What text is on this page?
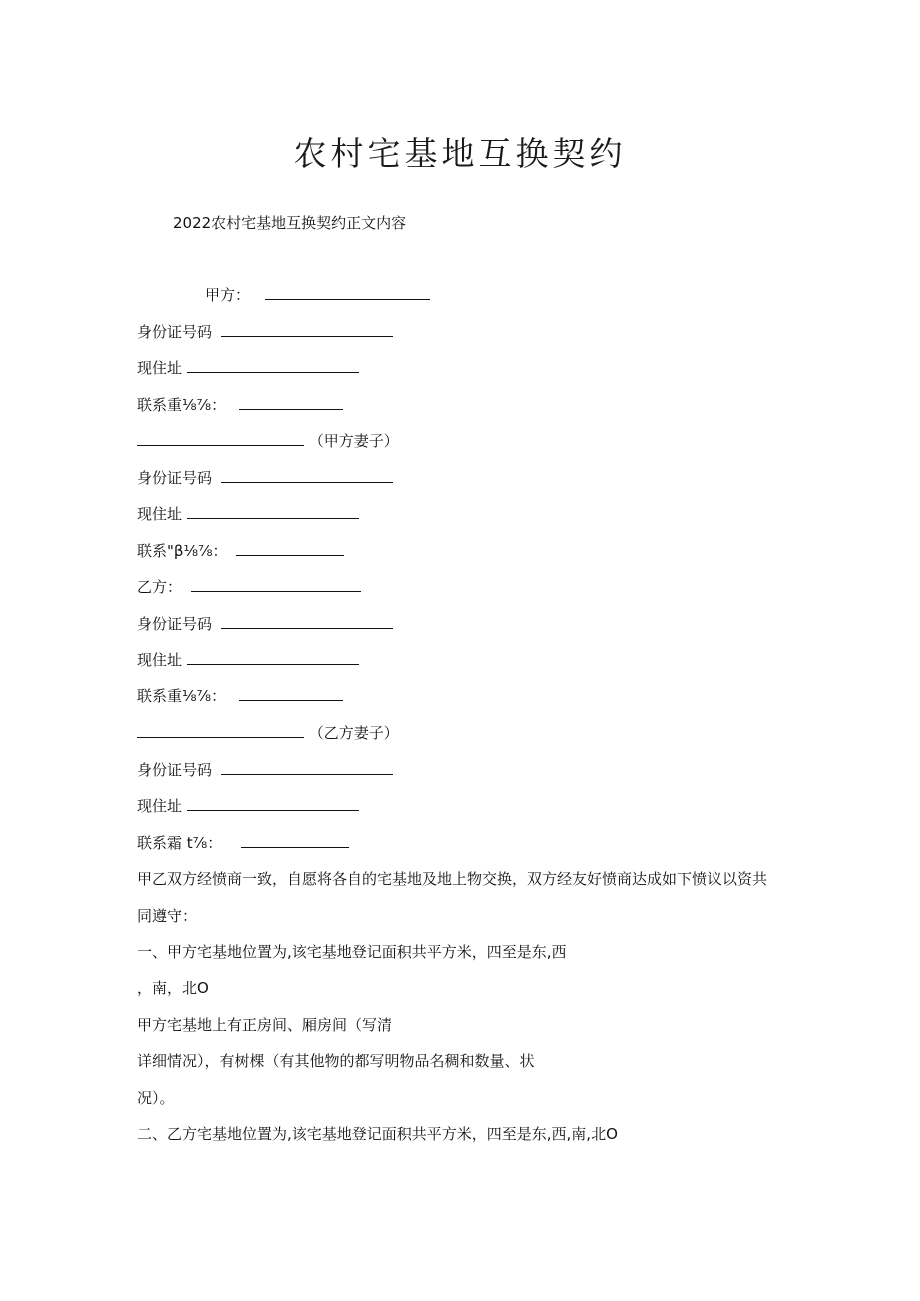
农村宅基地互换契约
2022农村宅基地互换契约正文内容
甲方：
身份证号码
现住址
联系重⅛⅞：
（甲方妻子）
身份证号码
现住址
联系"β⅛⅞：
乙方：
身份证号码
现住址
联系重⅛⅞：
（乙方妻子）
身份证号码
现住址
联系霜 t⅞：
甲乙双方经愤商一致，自愿将各自的宅基地及地上物交换，双方经友好愤商达成如下愤议以资共
同遵守：
一、甲方宅基地位置为,该宅基地登记面积共平方米，四至是东,西
，南，北O
甲方宅基地上有正房间、厢房间（写清
详细情况），有树棵（有其他物的都写明物品名稠和数量、状
况）。
二、乙方宅基地位置为,该宅基地登记面积共平方米，四至是东,西,南,北O
